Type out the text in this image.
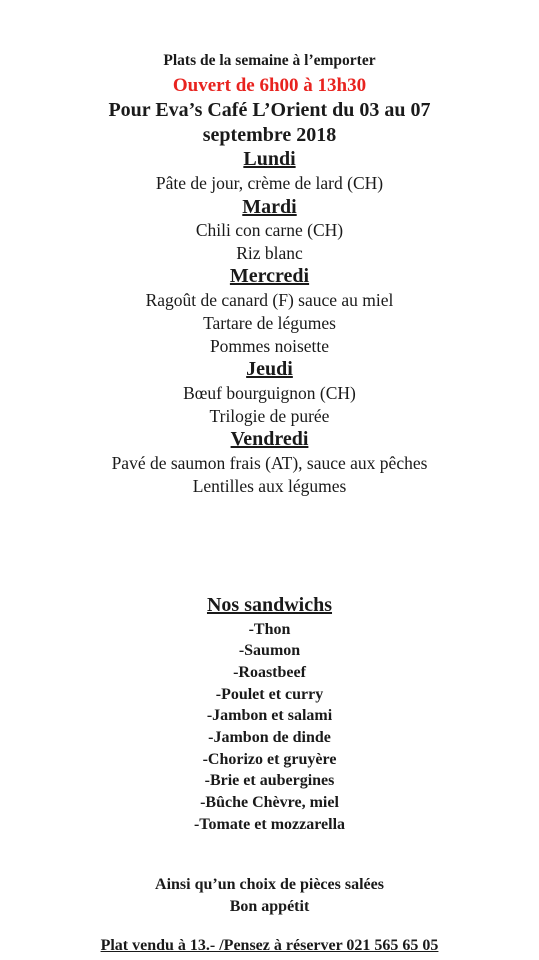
Plats de la semaine à l’emporter
Ouvert de 6h00 à 13h30
Pour Eva’s Café L’Orient du 03 au 07
septembre 2018
Lundi
Pâte de jour, crème de lard (CH)
Mardi
Chili con carne (CH)
Riz blanc
Mercredi
Ragoût de canard (F) sauce au miel
Tartare de légumes
Pommes noisette
Jeudi
Bœuf bourguignon (CH)
Trilogie de purée
Vendredi
Pavé de saumon frais (AT), sauce aux pêches
Lentilles aux légumes
Nos sandwichs
-Thon
-Saumon
-Roastbeef
-Poulet et curry
-Jambon et salami
-Jambon de dinde
-Chorizo et gruyère
-Brie et aubergines
-Bûche Chèvre, miel
-Tomate et mozzarella
Ainsi qu’un choix de pièces salées
Bon appétit
Plat vendu à 13.- /Pensez à réserver 021 565 65 05
